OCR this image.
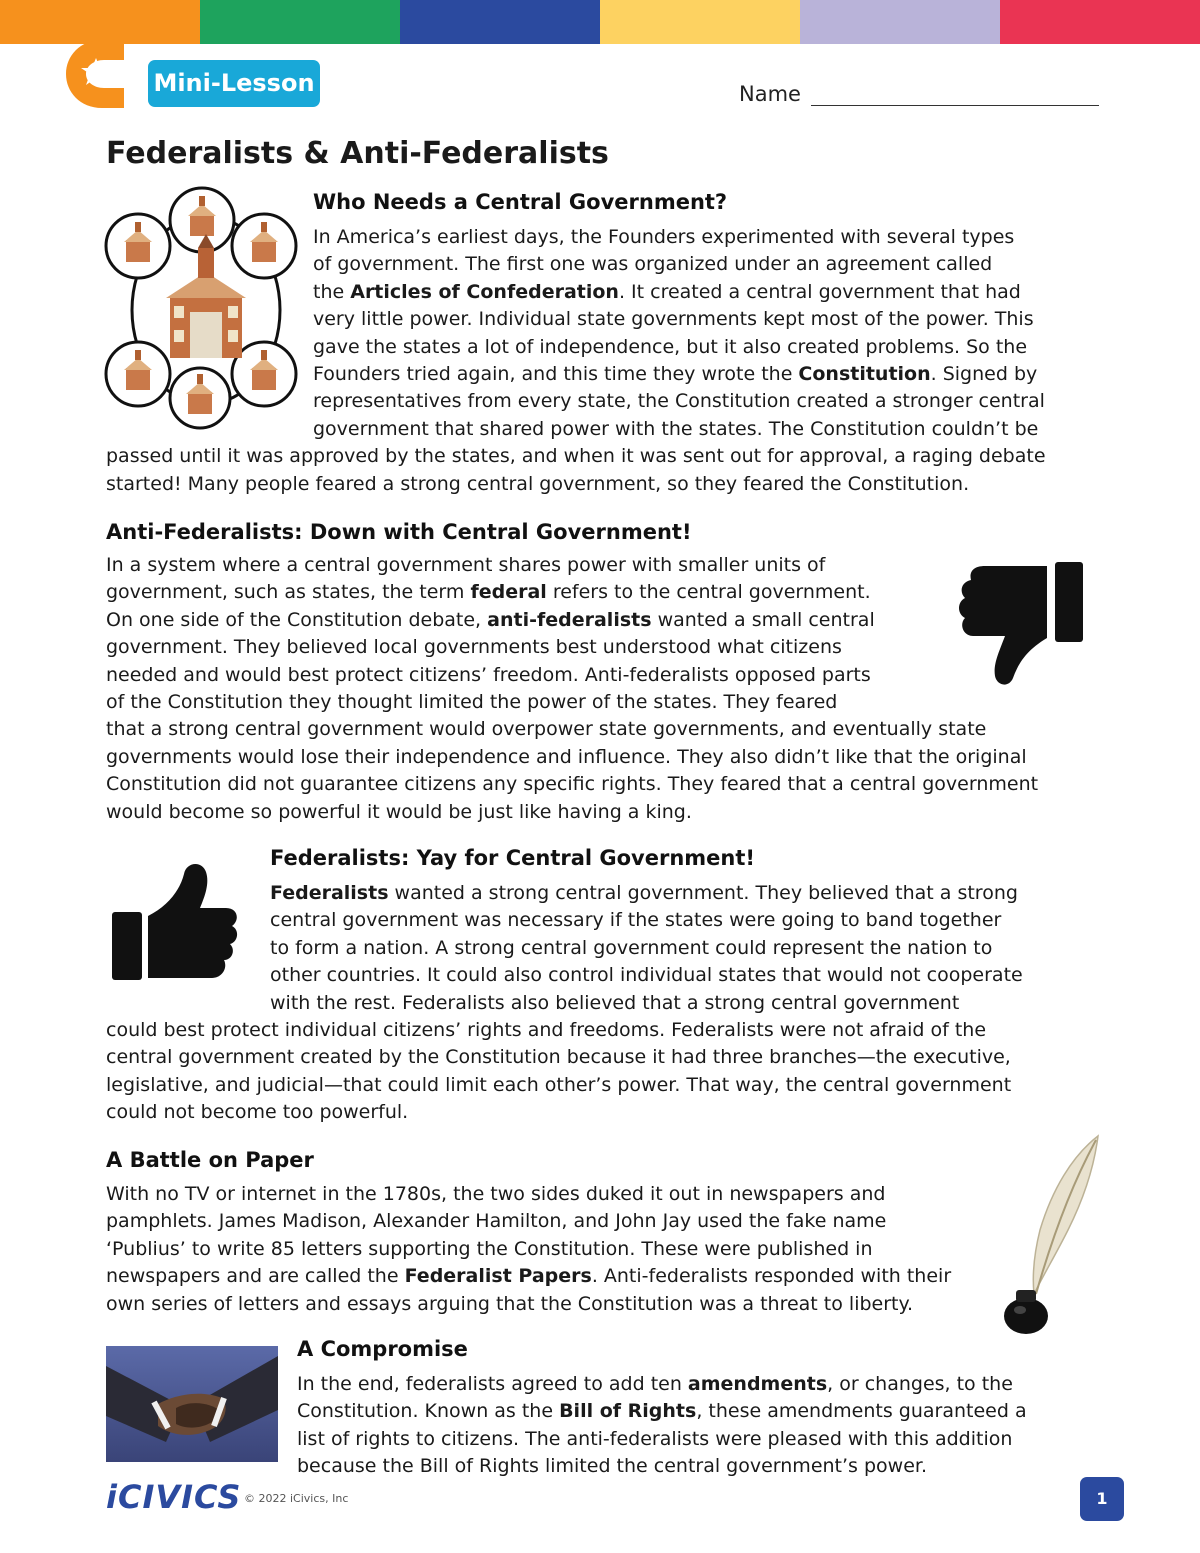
Mini-Lesson	Name
Federalists & Anti-Federalists
Who Needs a Central Government?
In America’s earliest days, the Founders experimented with several types
of government. The first one was organized under an agreement called
the Articles of Confederation. It created a central government that had
very little power. Individual state governments kept most of the power. This
gave the states a lot of independence, but it also created problems. So the
Founders tried again, and this time they wrote the Constitution. Signed by
representatives from every state, the Constitution created a stronger central
government that shared power with the states. The Constitution couldn’t be
passed until it was approved by the states, and when it was sent out for approval, a raging debate
started! Many people feared a strong central government, so they feared the Constitution.
Anti-Federalists: Down with Central Government!
In a system where a central government shares power with smaller units of
government, such as states, the term federal refers to the central government.
On one side of the Constitution debate, anti-federalists wanted a small central
government. They believed local governments best understood what citizens
needed and would best protect citizens’ freedom. Anti-federalists opposed parts
of the Constitution they thought limited the power of the states. They feared
that a strong central government would overpower state governments, and eventually state
governments would lose their independence and influence. They also didn’t like that the original
Constitution did not guarantee citizens any specific rights. They feared that a central government
would become so powerful it would be just like having a king.
Federalists: Yay for Central Government!
Federalists wanted a strong central government. They believed that a strong
central government was necessary if the states were going to band together
to form a nation. A strong central government could represent the nation to
other countries. It could also control individual states that would not cooperate
with the rest. Federalists also believed that a strong central government
could best protect individual citizens’ rights and freedoms. Federalists were not afraid of the
central government created by the Constitution because it had three branches—the executive,
legislative, and judicial—that could limit each other’s power. That way, the central government
could not become too powerful.
A Battle on Paper
With no TV or internet in the 1780s, the two sides duked it out in newspapers and
pamphlets. James Madison, Alexander Hamilton, and John Jay used the fake name
‘Publius’ to write 85 letters supporting the Constitution. These were published in
newspapers and are called the Federalist Papers. Anti-federalists responded with their
own series of letters and essays arguing that the Constitution was a threat to liberty.
A Compromise
In the end, federalists agreed to add ten amendments, or changes, to the
Constitution. Known as the Bill of Rights, these amendments guaranteed a
list of rights to citizens. The anti-federalists were pleased with this addition
because the Bill of Rights limited the central government’s power.
iCIVICS © 2022 iCivics, Inc	1
